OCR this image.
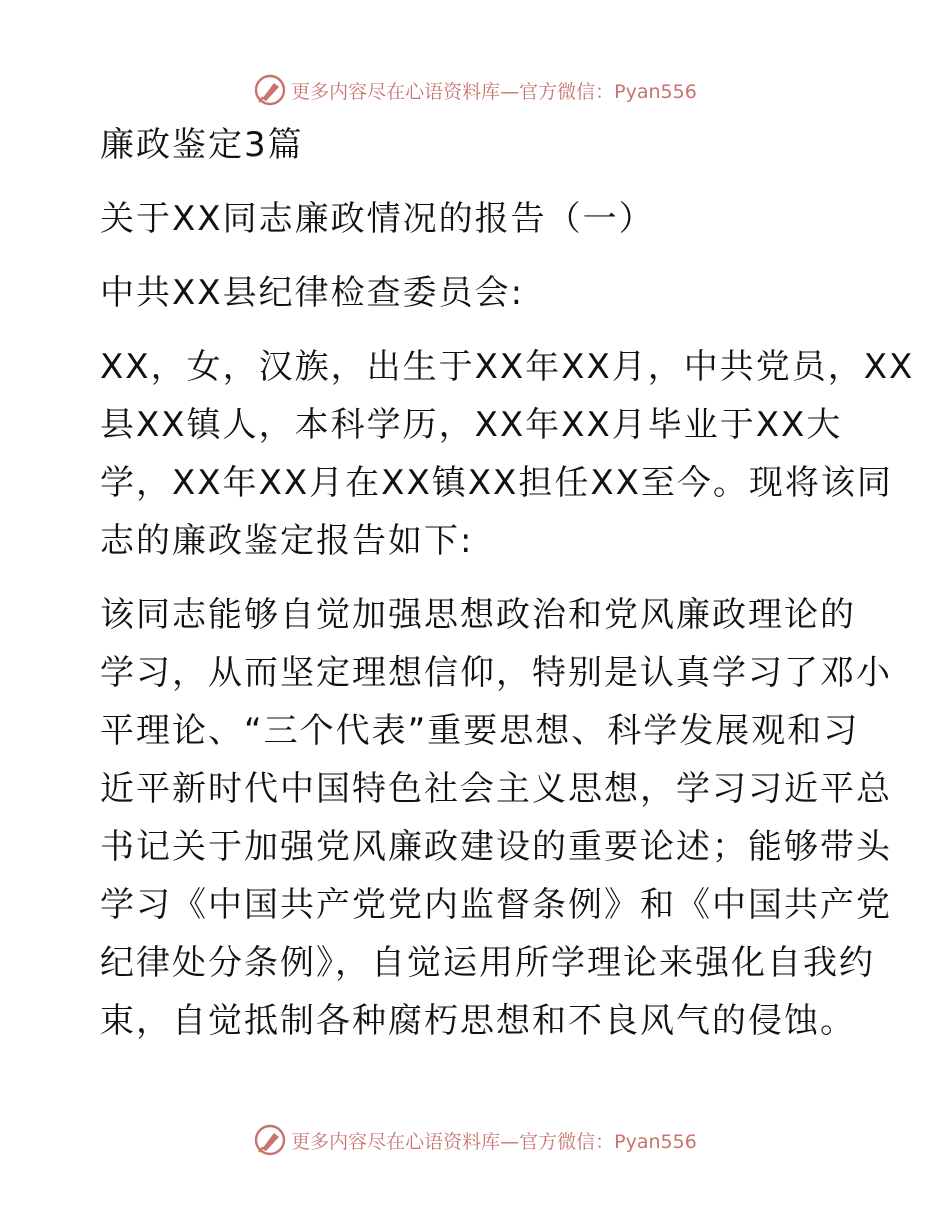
更多内容尽在心语资料库 —官方微信：Pyan556
廉政鉴定3篇
关于XX同志廉政情况的报告（一）
中共XX县纪律检查委员会:
XX，女，汉族，出生于XX年XX月，中共党员，XX
县XX镇人，本科学历，XX年XX月毕业于XX大
学，XX年XX月在XX镇XX担任XX至今。现将该同
志的廉政鉴定报告如下:
该同志能够自觉加强思想政治和党风廉政理论的
学习，从而坚定理想信仰，特别是认真学习了邓小
平理论、“三个代表”重要思想、科学发展观和习
近平新时代中国特色社会主义思想，学习习近平总
书记关于加强党风廉政建设的重要论述；能够带头
学习《中国共产党党内监督条例》和《中国共产党
纪律处分条例》，自觉运用所学理论来强化自我约
束，自觉抵制各种腐朽思想和不良风气的侵蚀。
更多内容尽在心语资料库 —官方微信：Pyan556
